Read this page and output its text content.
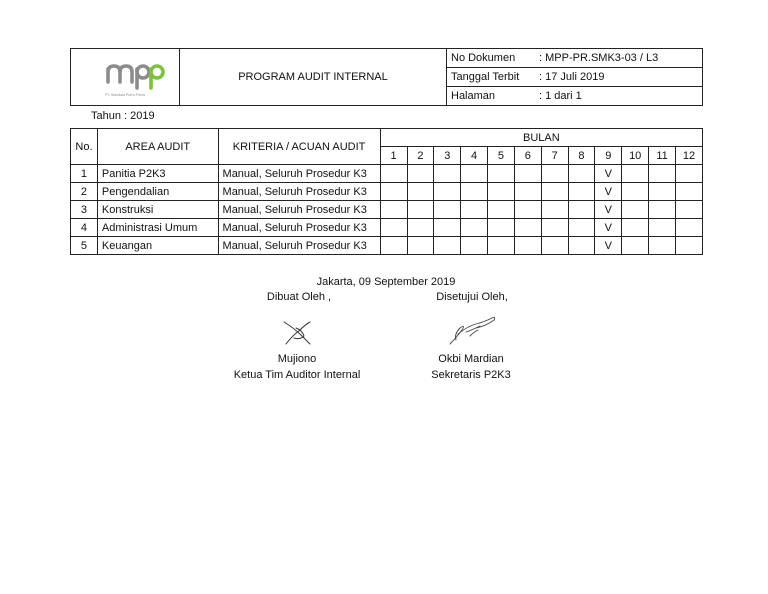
PT. Mandala Putra Prima	PROGRAM AUDIT INTERNAL	No Dokumen	: MPP-PR.SMK3-03 / L3
		Tanggal Terbit	: 17 Juli 2019
		Halaman	: 1 dari 1
Tahun : 2019
No.	AREA AUDIT	KRITERIA / ACUAN AUDIT	BULAN											
			1	2	3	4	5	6	7	8	9	10	11	12
1	Panitia P2K3	Manual, Seluruh Prosedur K3									V			
2	Pengendalian	Manual, Seluruh Prosedur K3									V			
3	Konstruksi	Manual, Seluruh Prosedur K3									V			
4	Administrasi Umum	Manual, Seluruh Prosedur K3									V			
5	Keuangan	Manual, Seluruh Prosedur K3									V			
Jakarta, 09 September 2019
Dibuat Oleh ,	Disetujui Oleh,
Mujiono
Ketua Tim Auditor Internal
Okbi Mardian
Sekretaris P2K3
